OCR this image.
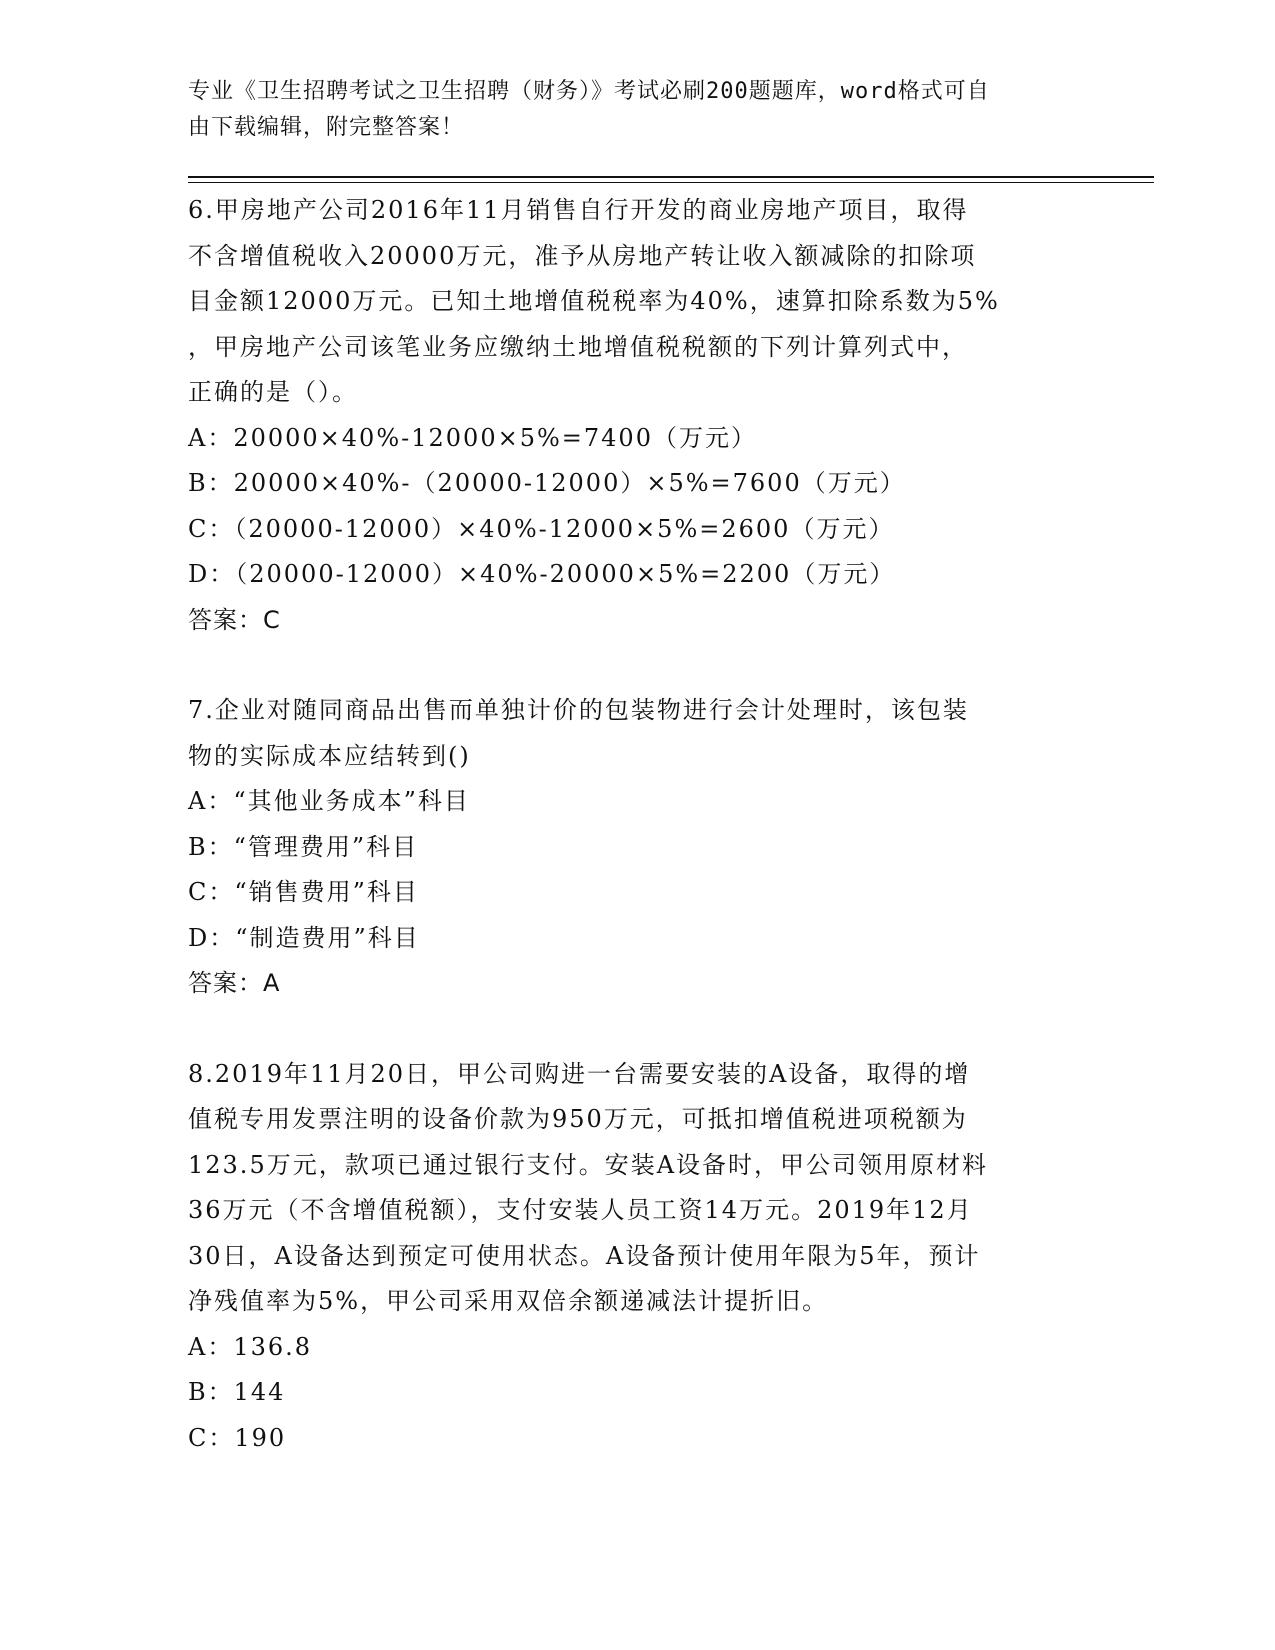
专业《卫生招聘考试之卫生招聘（财务）》考试必刷200题题库，word格式可自
由下载编辑，附完整答案！
6.甲房地产公司2016年11月销售自行开发的商业房地产项目，取得
不含增值税收入20000万元，准予从房地产转让收入额减除的扣除项
目金额12000万元。已知土地增值税税率为40%，速算扣除系数为5%
，甲房地产公司该笔业务应缴纳土地增值税税额的下列计算列式中，
正确的是（）。
A：20000×40%-12000×5%=7400（万元）
B：20000×40%-（20000-12000）×5%=7600（万元）
C：（20000-12000）×40%-12000×5%=2600（万元）
D：（20000-12000）×40%-20000×5%=2200（万元）
答案：C
7.企业对随同商品出售而单独计价的包装物进行会计处理时，该包装
物的实际成本应结转到()
A：“其他业务成本”科目
B：“管理费用”科目
C：“销售费用”科目
D：“制造费用”科目
答案：A
8.2019年11月20日，甲公司购进一台需要安装的A设备，取得的增
值税专用发票注明的设备价款为950万元，可抵扣增值税进项税额为
123.5万元，款项已通过银行支付。安装A设备时，甲公司领用原材料
36万元（不含增值税额），支付安装人员工资14万元。2019年12月
30日，A设备达到预定可使用状态。A设备预计使用年限为5年，预计
净残值率为5%，甲公司采用双倍余额递减法计提折旧。
A：136.8
B：144
C：190
